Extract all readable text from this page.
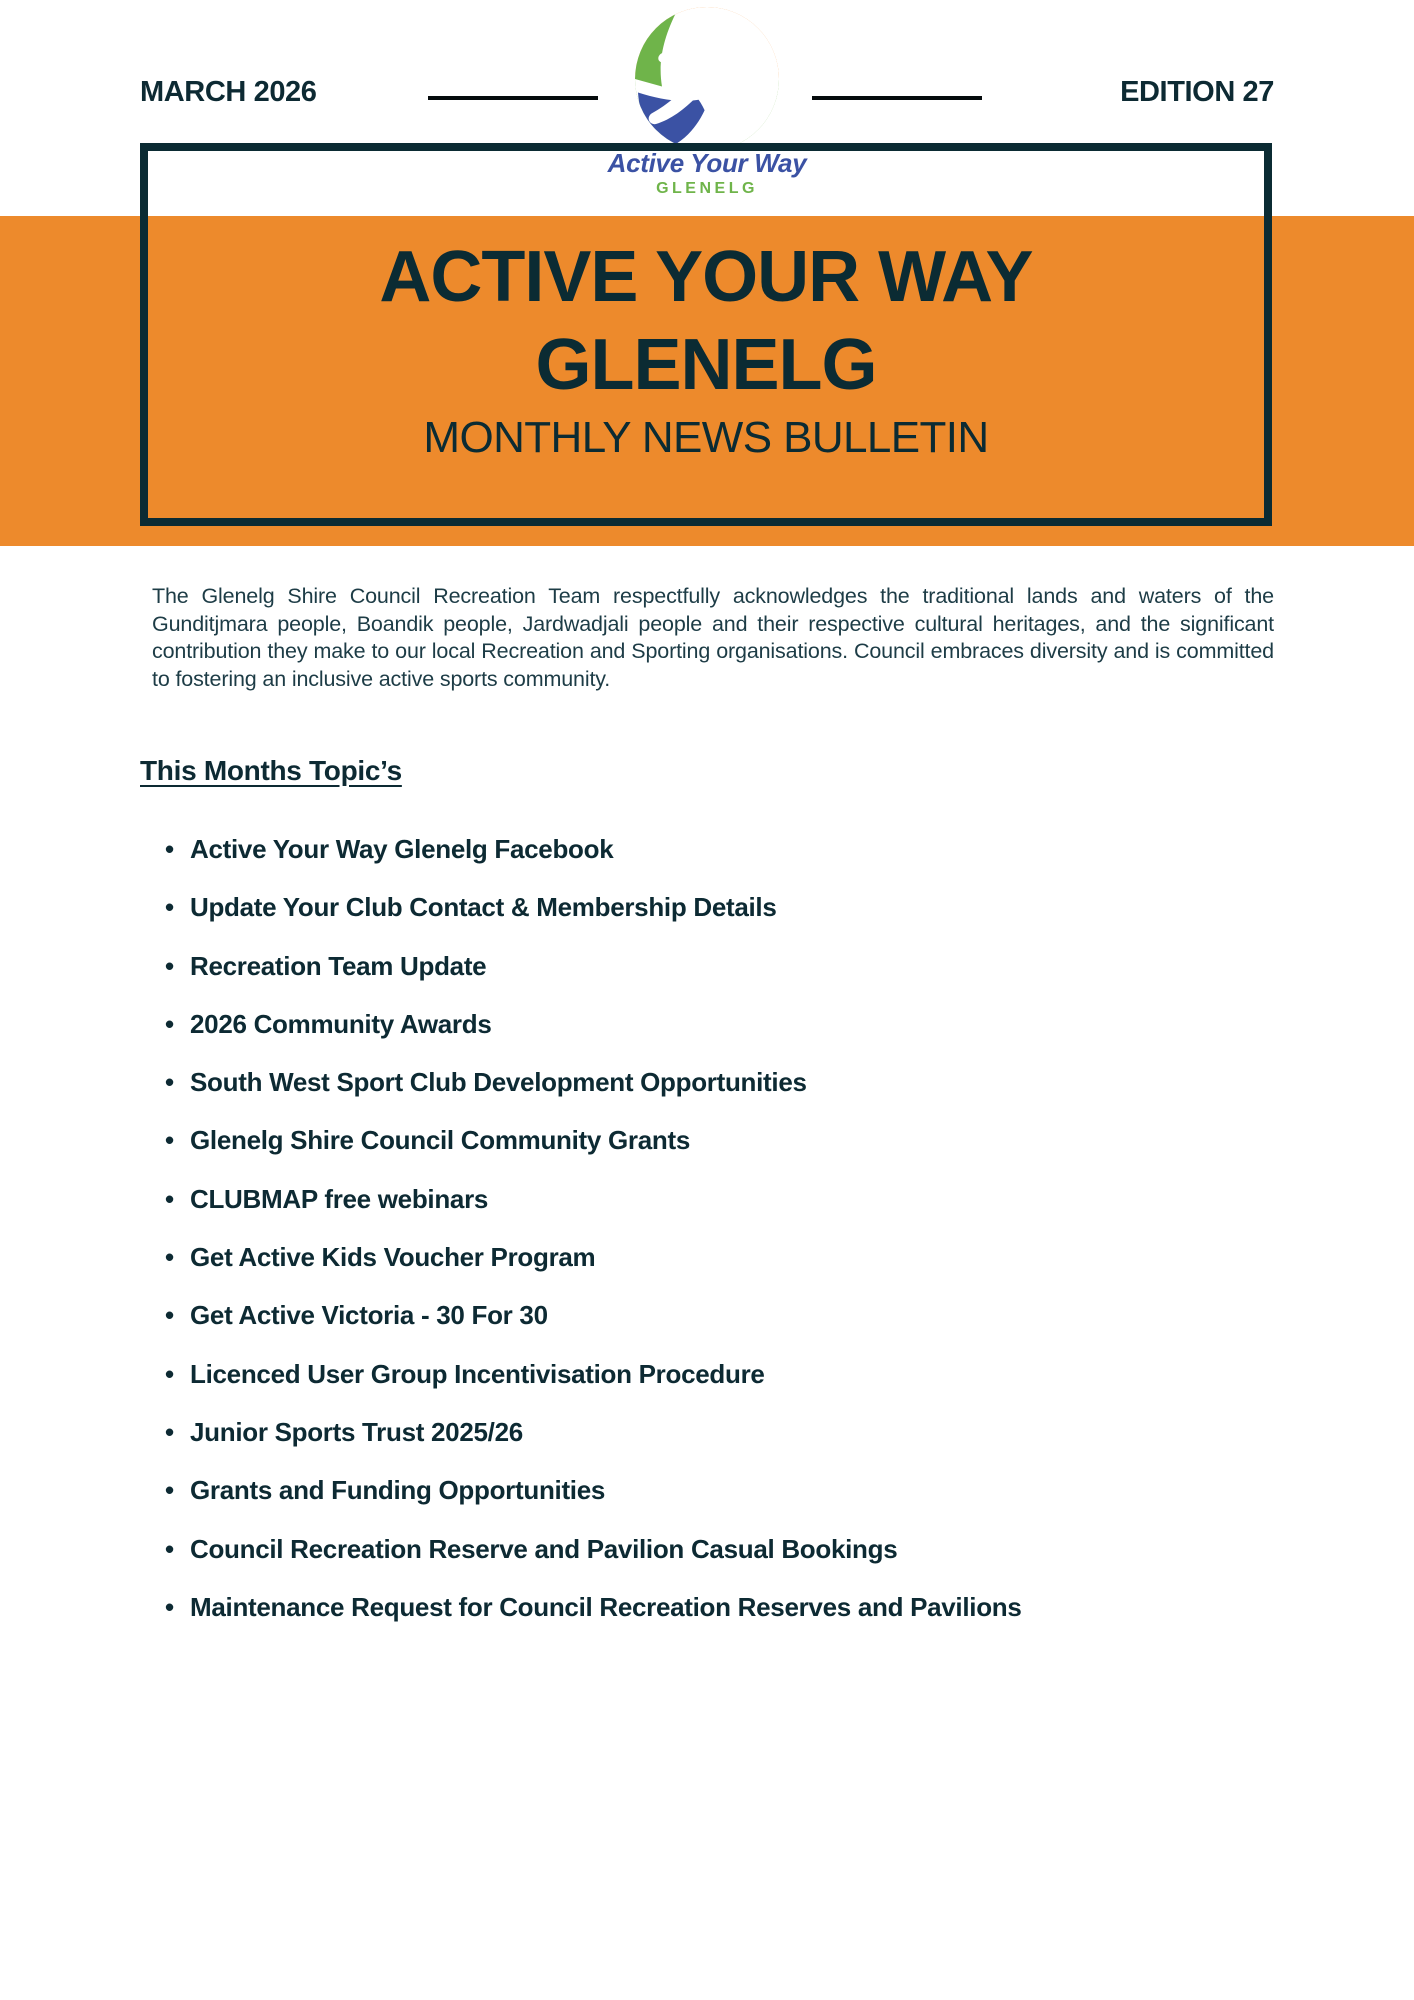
MARCH 2026	EDITION 27
Active Your Way
GLENELG
ACTIVE YOUR WAY
GLENELG
MONTHLY NEWS BULLETIN

The Glenelg Shire Council Recreation Team respectfully acknowledges the traditional lands and waters of the Gunditjmara people, Boandik people, Jardwadjali people and their respective cultural heritages, and the significant contribution they make to our local Recreation and Sporting organisations. Council embraces diversity and is committed to fostering an inclusive active sports community.

This Months Topic’s
• Active Your Way Glenelg Facebook
• Update Your Club Contact & Membership Details
• Recreation Team Update
• 2026 Community Awards
• South West Sport Club Development Opportunities
• Glenelg Shire Council Community Grants
• CLUBMAP free webinars
• Get Active Kids Voucher Program
• Get Active Victoria - 30 For 30
• Licenced User Group Incentivisation Procedure
• Junior Sports Trust 2025/26
• Grants and Funding Opportunities
• Council Recreation Reserve and Pavilion Casual Bookings
• Maintenance Request for Council Recreation Reserves and Pavilions
